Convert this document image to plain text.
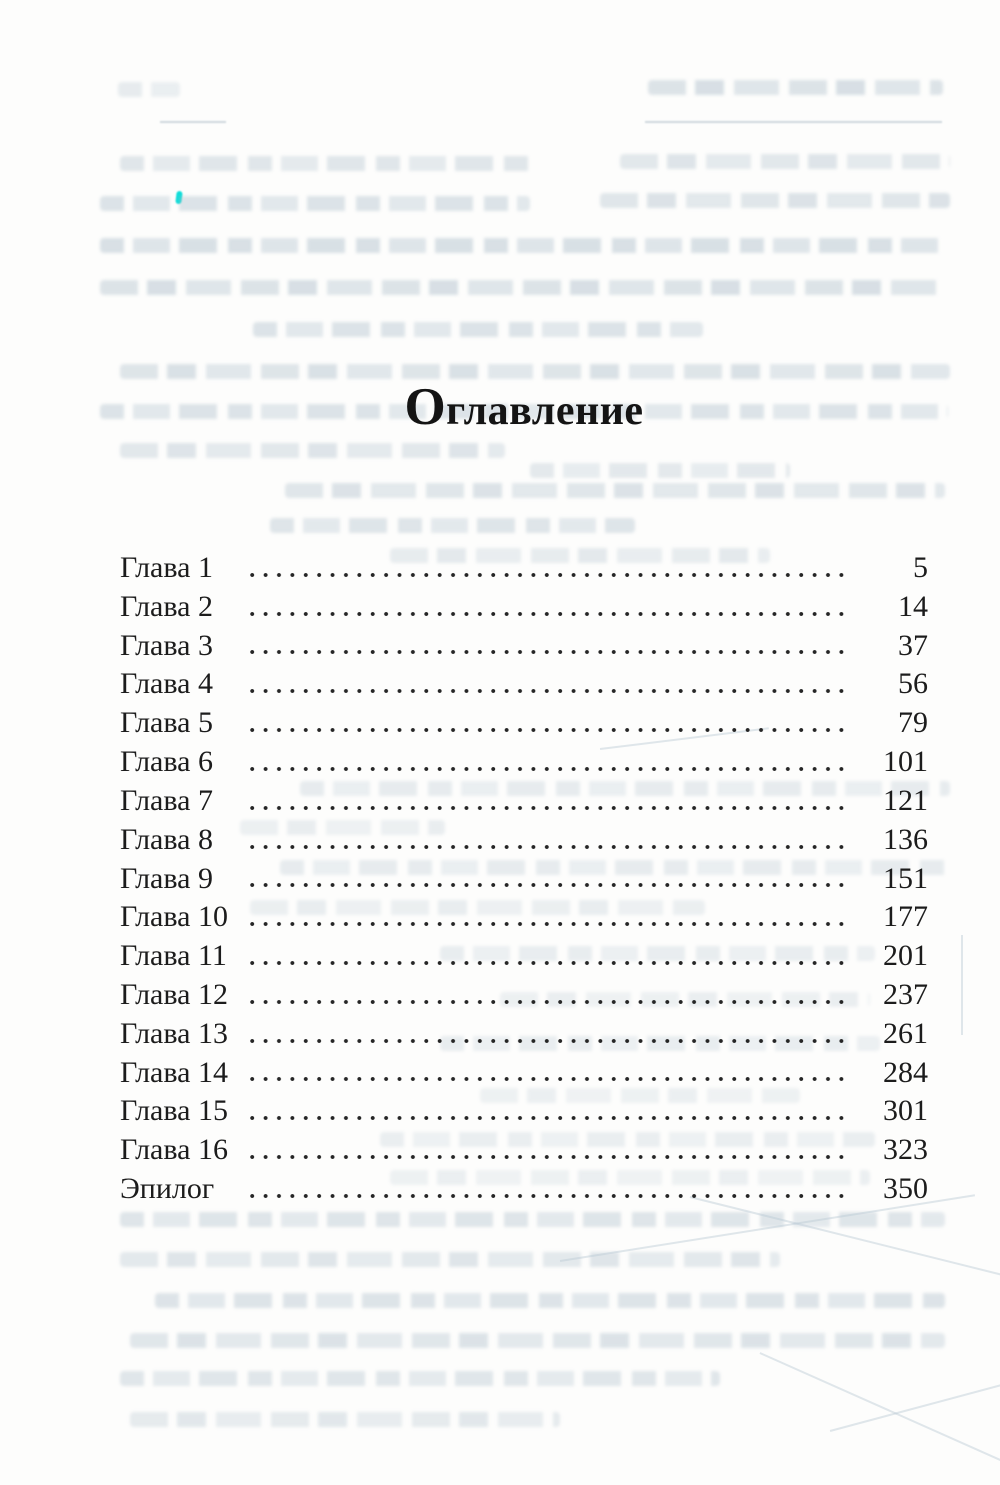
Оглавление
Глава 1	5
Глава 2	14
Глава 3	37
Глава 4	56
Глава 5	79
Глава 6	101
Глава 7	121
Глава 8	136
Глава 9	151
Глава 10	177
Глава 11	201
Глава 12	237
Глава 13	261
Глава 14	284
Глава 15	301
Глава 16	323
Эпилог	350
